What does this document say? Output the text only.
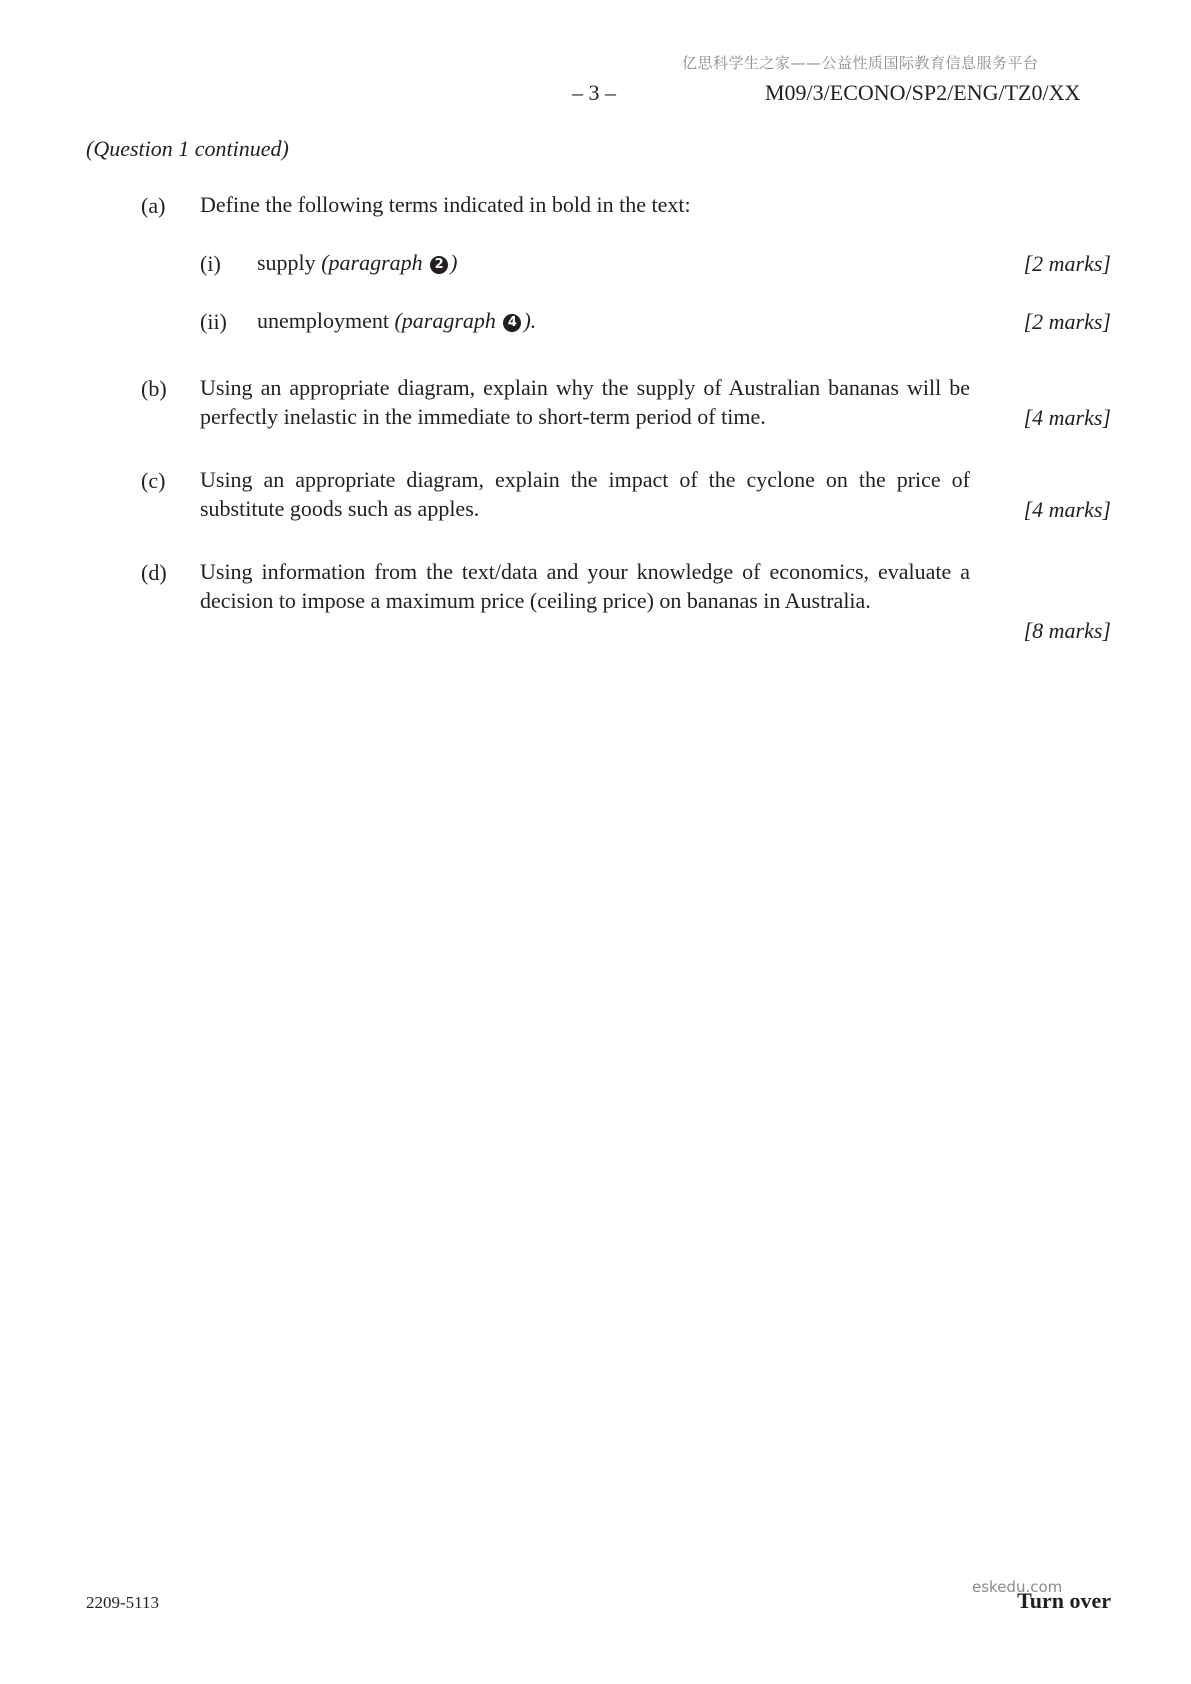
亿思科学生之家——公益性质国际教育信息服务平台
– 3 –	M09/3/ECONO/SP2/ENG/TZ0/XX
(Question 1 continued)
(a) Define the following terms indicated in bold in the text:
(i) supply (paragraph 2 )	[2 marks]
(ii) unemployment (paragraph 4 ).	[2 marks]
(b) Using an appropriate diagram, explain why the supply of Australian bananas will be perfectly inelastic in the immediate to short-term period of time.	[4 marks]
(c) Using an appropriate diagram, explain the impact of the cyclone on the price of substitute goods such as apples.	[4 marks]
(d) Using information from the text/data and your knowledge of economics, evaluate a decision to impose a maximum price (ceiling price) on bananas in Australia.
[8 marks]
2209-5113	Turn over
eskedu.com
